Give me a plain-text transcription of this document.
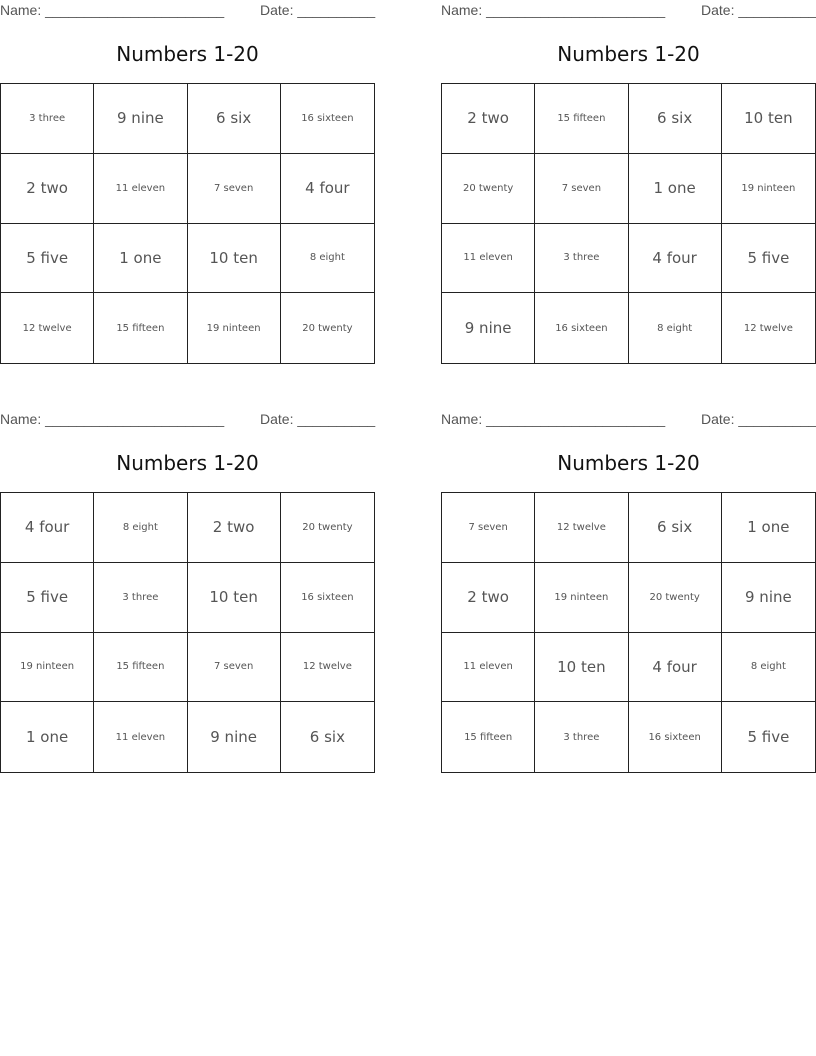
Name: _______________________	Date: __________
Numbers 1-20
3 three	9 nine	6 six	16 sixteen
2 two	11 eleven	7 seven	4 four
5 five	1 one	10 ten	8 eight
12 twelve	15 fifteen	19 ninteen	20 twenty
Name: _______________________	Date: __________
Numbers 1-20
2 two	15 fifteen	6 six	10 ten
20 twenty	7 seven	1 one	19 ninteen
11 eleven	3 three	4 four	5 five
9 nine	16 sixteen	8 eight	12 twelve
Name: _______________________	Date: __________
Numbers 1-20
4 four	8 eight	2 two	20 twenty
5 five	3 three	10 ten	16 sixteen
19 ninteen	15 fifteen	7 seven	12 twelve
1 one	11 eleven	9 nine	6 six
Name: _______________________	Date: __________
Numbers 1-20
7 seven	12 twelve	6 six	1 one
2 two	19 ninteen	20 twenty	9 nine
11 eleven	10 ten	4 four	8 eight
15 fifteen	3 three	16 sixteen	5 five
